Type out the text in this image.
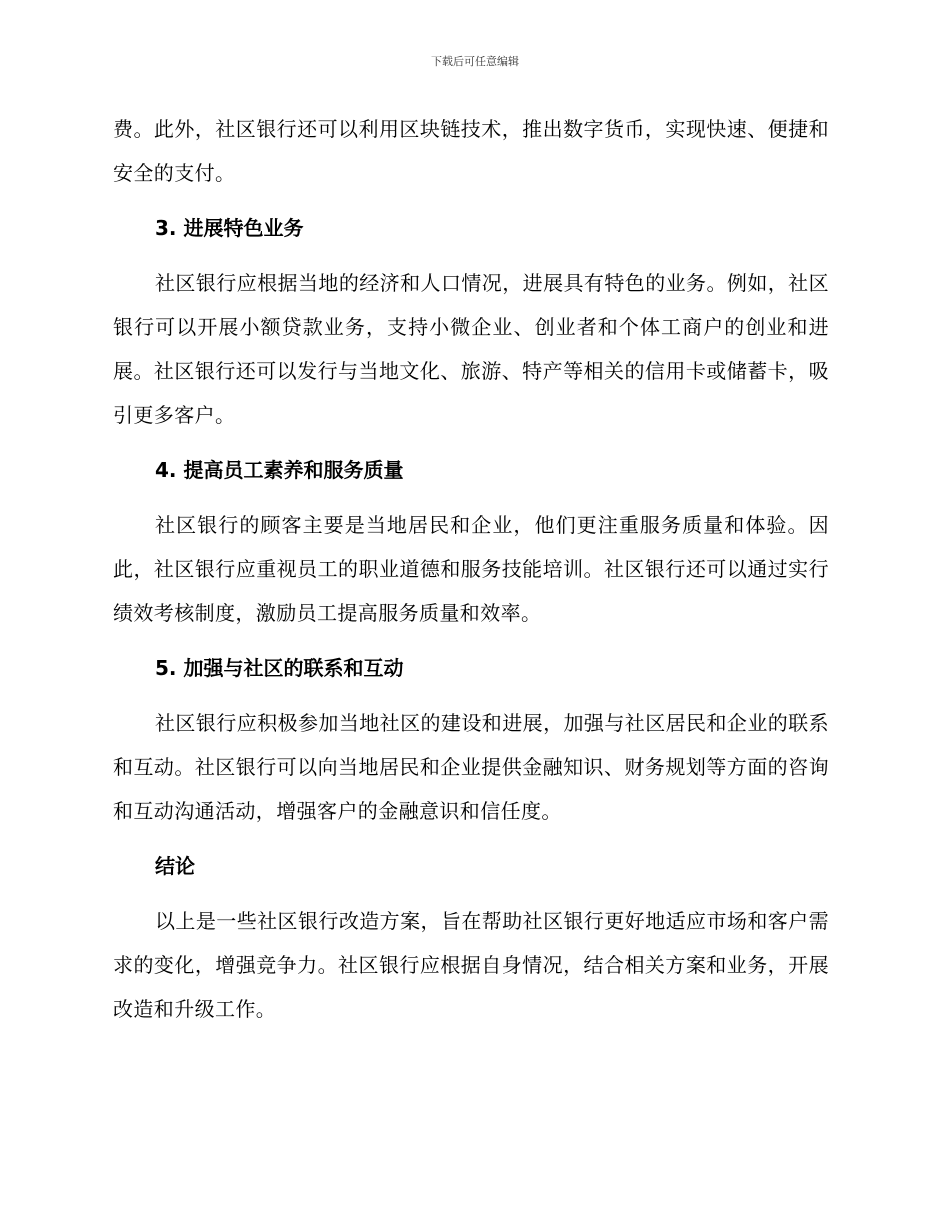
下载后可任意编辑

费。此外，社区银行还可以利用区块链技术，推出数字货币，实现快速、便捷和安全的支付。

3. 进展特色业务

社区银行应根据当地的经济和人口情况，进展具有特色的业务。例如，社区银行可以开展小额贷款业务，支持小微企业、创业者和个体工商户的创业和进展。社区银行还可以发行与当地文化、旅游、特产等相关的信用卡或储蓄卡，吸引更多客户。

4. 提高员工素养和服务质量

社区银行的顾客主要是当地居民和企业，他们更注重服务质量和体验。因此，社区银行应重视员工的职业道德和服务技能培训。社区银行还可以通过实行绩效考核制度，激励员工提高服务质量和效率。

5. 加强与社区的联系和互动

社区银行应积极参加当地社区的建设和进展，加强与社区居民和企业的联系和互动。社区银行可以向当地居民和企业提供金融知识、财务规划等方面的咨询和互动沟通活动，增强客户的金融意识和信任度。

结论

以上是一些社区银行改造方案，旨在帮助社区银行更好地适应市场和客户需求的变化，增强竞争力。社区银行应根据自身情况，结合相关方案和业务，开展改造和升级工作。
